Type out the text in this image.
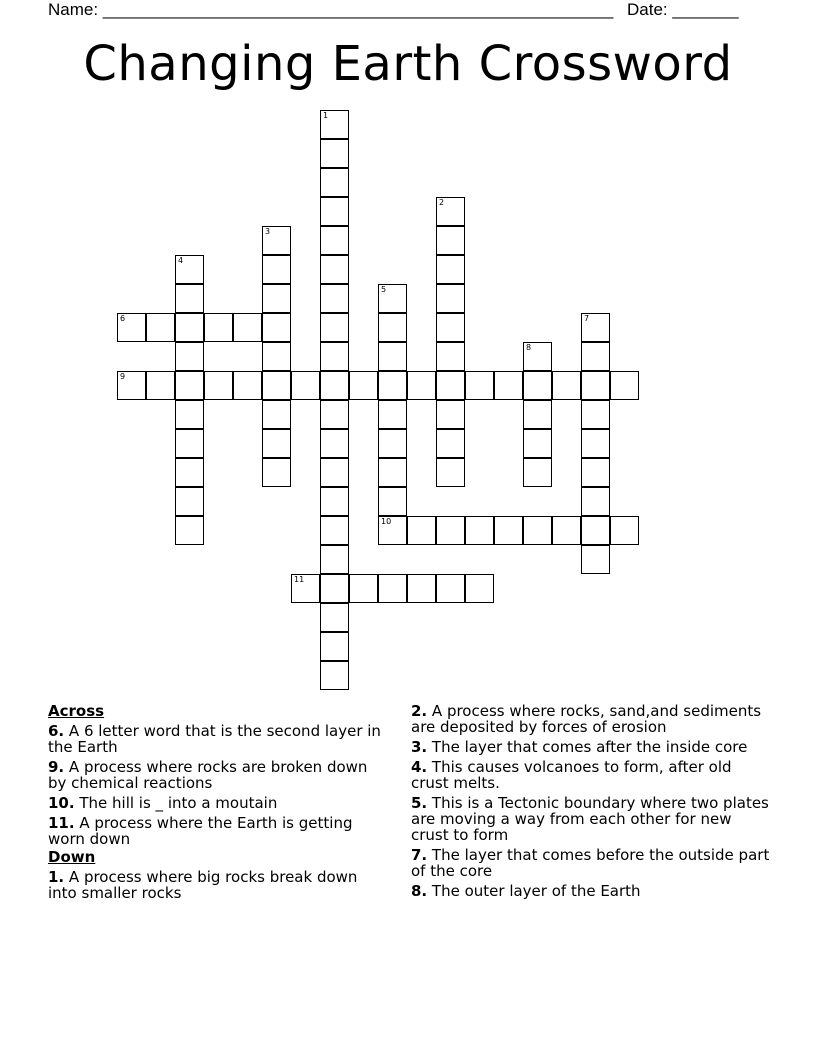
Name: ______________________________________________________ Date: _______
Changing Earth Crossword
1
2
3
4
5
10
6	7
8
9
11
Across
6. A 6 letter word that is the second layer in the Earth
9. A process where rocks are broken down by chemical reactions
10. The hill is _ into a moutain
11. A process where the Earth is getting worn down
Down
1. A process where big rocks break down into smaller rocks
2. A process where rocks, sand,and sediments are deposited by forces of erosion
3. The layer that comes after the inside core
4. This causes volcanoes to form, after old crust melts.
5. This is a Tectonic boundary where two plates are moving a way from each other for new crust to form
7. The layer that comes before the outside part of the core
8. The outer layer of the Earth
